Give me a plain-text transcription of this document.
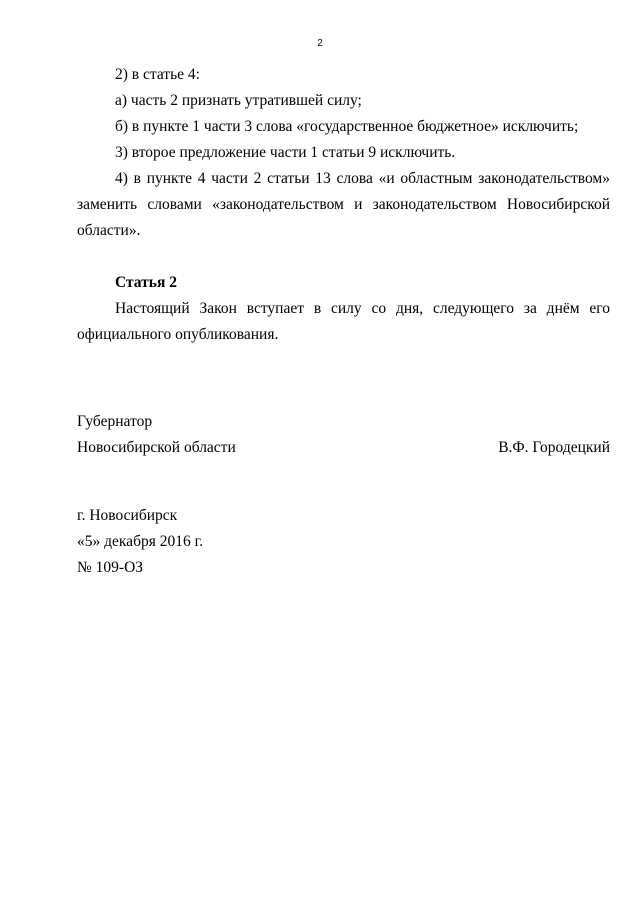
2
2) в статье 4:
а) часть 2 признать утратившей силу;
б) в пункте 1 части 3 слова «государственное бюджетное» исключить;
3) второе предложение части 1 статьи 9 исключить.
4) в пункте 4 части 2 статьи 13 слова «и областным законодательством»
заменить словами «законодательством и законодательством Новосибирской
области».
Статья 2
Настоящий Закон вступает в силу со дня, следующего за днём его
официального опубликования.
Губернатор
Новосибирской области	В.Ф. Городецкий
г. Новосибирск
«5» декабря 2016 г.
№ 109-ОЗ
